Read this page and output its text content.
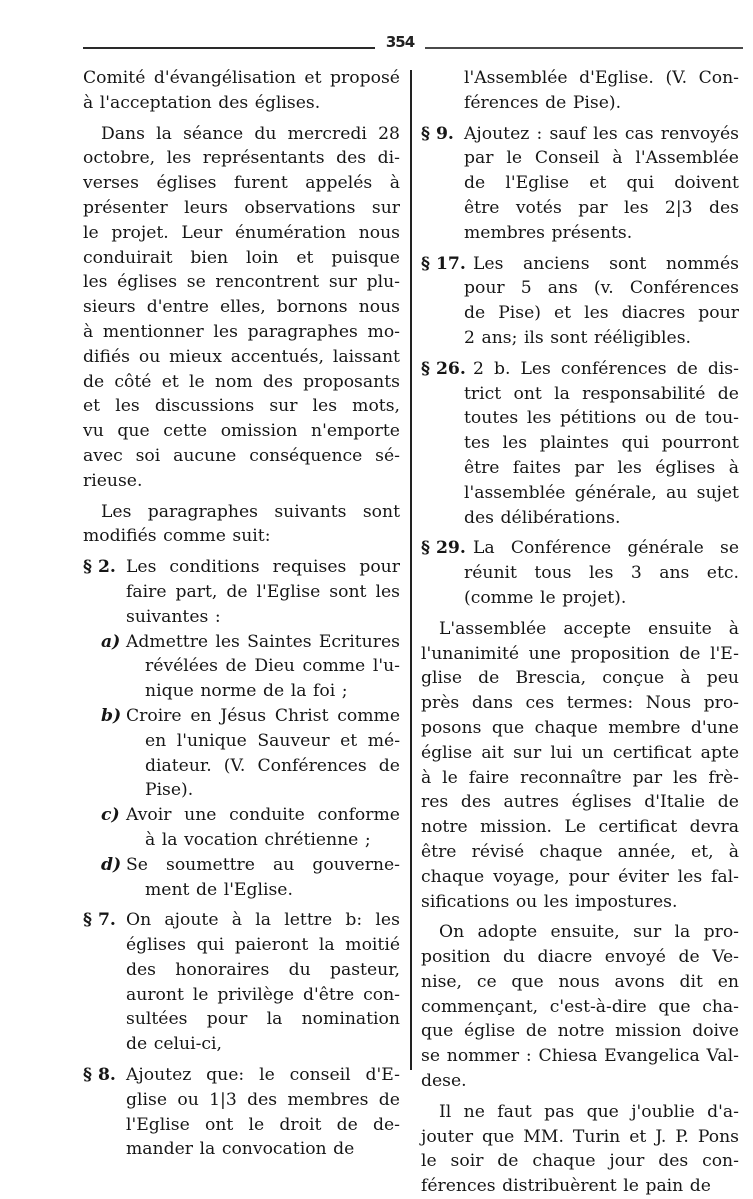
354
Comité d'évangélisation et proposé
à l'acceptation des églises.
Dans la séance du mercredi 28
octobre, les représentants des di-
verses églises furent appelés à
présenter leurs observations sur
le projet. Leur énumération nous
conduirait bien loin et puisque
les églises se rencontrent sur plu-
sieurs d'entre elles, bornons nous
à mentionner les paragraphes mo-
difiés ou mieux accentués, laissant
de côté et le nom des proposants
et les discussions sur les mots,
vu que cette omission n'emporte
avec soi aucune conséquence sé-
rieuse.
Les paragraphes suivants sont
modifiés comme suit:
§ 2. Les conditions requises pour
faire part, de l'Eglise sont les
suivantes :
a) Admettre les Saintes Ecritures
révélées de Dieu comme l'u-
nique norme de la foi ;
b) Croire en Jésus Christ comme
en l'unique Sauveur et mé-
diateur. (V. Conférences de
Pise).
c) Avoir une conduite conforme
à la vocation chrétienne ;
d) Se soumettre au gouverne-
ment de l'Eglise.
§ 7. On ajoute à la lettre b: les
églises qui paieront la moitié
des honoraires du pasteur,
auront le privilège d'être con-
sultées pour la nomination
de celui-ci,
§ 8. Ajoutez que: le conseil d'E-
glise ou 1|3 des membres de
l'Eglise ont le droit de de-
mander la convocation de
l'Assemblée d'Eglise. (V. Con-
férences de Pise).
§ 9. Ajoutez : sauf les cas renvoyés
par le Conseil à l'Assemblée
de l'Eglise et qui doivent
être votés par les 2|3 des
membres présents.
§ 17. Les anciens sont nommés
pour 5 ans (v. Conférences
de Pise) et les diacres pour
2 ans; ils sont rééligibles.
§ 26. 2 b. Les conférences de dis-
trict ont la responsabilité de
toutes les pétitions ou de tou-
tes les plaintes qui pourront
être faites par les églises à
l'assemblée générale, au sujet
des délibérations.
§ 29. La Conférence générale se
réunit tous les 3 ans etc.
(comme le projet).
L'assemblée accepte ensuite à
l'unanimité une proposition de l'E-
glise de Brescia, conçue à peu
près dans ces termes: Nous pro-
posons que chaque membre d'une
église ait sur lui un certificat apte
à le faire reconnaître par les frè-
res des autres églises d'Italie de
notre mission. Le certificat devra
être révisé chaque année, et, à
chaque voyage, pour éviter les fal-
sifications ou les impostures.
On adopte ensuite, sur la pro-
position du diacre envoyé de Ve-
nise, ce que nous avons dit en
commençant, c'est-à-dire que cha-
que église de notre mission doive
se nommer : Chiesa Evangelica Val-
dese.
Il ne faut pas que j'oublie d'a-
jouter que MM. Turin et J. P. Pons
le soir de chaque jour des con-
férences distribuèrent le pain de
